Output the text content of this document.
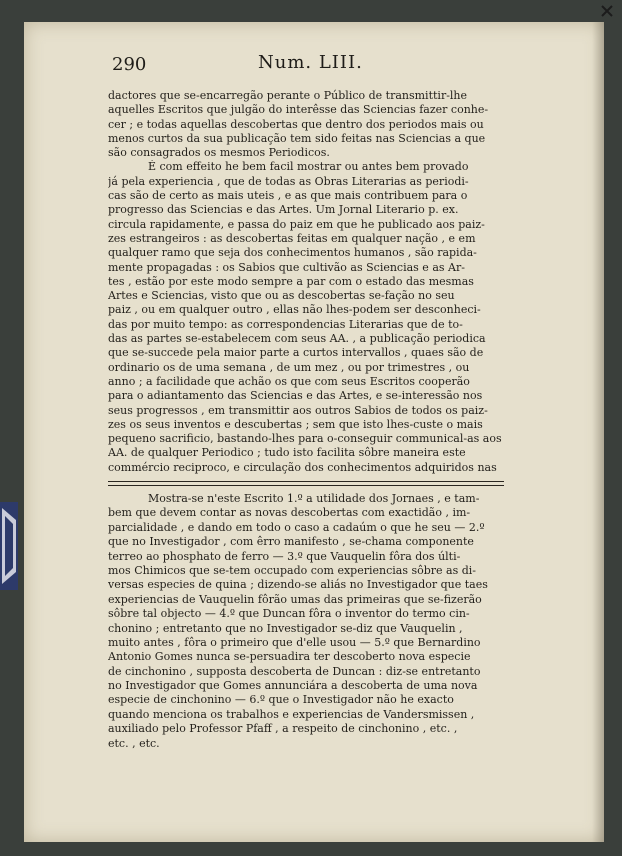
290	Num. LIII.
dactores que se-encarregão perante o Público de transmittir-lhe
aquelles Escritos que julgão do interêsse das Sciencias fazer conhe-
cer ; e todas aquellas descobertas que dentro dos periodos mais ou
menos curtos da sua publicação tem sido feitas nas Sciencias a que
são consagrados os mesmos Periodicos.
É com effeito he bem facil mostrar ou antes bem provado
já pela experiencia , que de todas as Obras Literarias as periodi-
cas são de certo as mais uteis , e as que mais contribuem para o
progresso das Sciencias e das Artes. Um Jornal Literario p. ex.
circula rapidamente, e passa do paiz em que he publicado aos paiz-
zes estrangeiros : as descobertas feitas em qualquer nação , e em
qualquer ramo que seja dos conhecimentos humanos , são rapida-
mente propagadas : os Sabios que cultivão as Sciencias e as Ar-
tes , estão por este modo sempre a par com o estado das mesmas
Artes e Sciencias, visto que ou as descobertas se-fação no seu
paiz , ou em qualquer outro , ellas não lhes-podem ser desconheci-
das por muito tempo: as correspondencias Literarias que de to-
das as partes se-estabelecem com seus AA. , a publicação periodica
que se-succede pela maior parte a curtos intervallos , quaes são de
ordinario os de uma semana , de um mez , ou por trimestres , ou
anno ; a facilidade que achão os que com seus Escritos cooperão
para o adiantamento das Sciencias e das Artes, e se-interessão nos
seus progressos , em transmittir aos outros Sabios de todos os paiz-
zes os seus inventos e descubertas ; sem que isto lhes-custe o mais
pequeno sacrificio, bastando-lhes para o-conseguir communical-as aos
AA. de qualquer Periodico ; tudo isto facilita sôbre maneira este
commércio reciproco, e circulação dos conhecimentos adquiridos nas
Mostra-se n'este Escrito 1.º a utilidade dos Jornaes , e tam-
bem que devem contar as novas descobertas com exactidão , im-
parcialidade , e dando em todo o caso a cadaúm o que he seu — 2.º
que no Investigador , com êrro manifesto , se-chama componente
terreo ao phosphato de ferro — 3.º que Vauquelin fôra dos últi-
mos Chimicos que se-tem occupado com experiencias sôbre as di-
versas especies de quina ; dizendo-se aliás no Investigador que taes
experiencias de Vauquelin fôrão umas das primeiras que se-fizerão
sôbre tal objecto — 4.º que Duncan fôra o inventor do termo cin-
chonino ; entretanto que no Investigador se-diz que Vauquelin ,
muito antes , fôra o primeiro que d'elle usou — 5.º que Bernardino
Antonio Gomes nunca se-persuadira ter descoberto nova especie
de cinchonino , supposta descoberta de Duncan : diz-se entretanto
no Investigador que Gomes annunciára a descoberta de uma nova
especie de cinchonino — 6.º que o Investigador não he exacto
quando menciona os trabalhos e experiencias de Vandersmissen ,
auxiliado pelo Professor Pfaff , a respeito de cinchonino , etc. ,
etc. , etc.
